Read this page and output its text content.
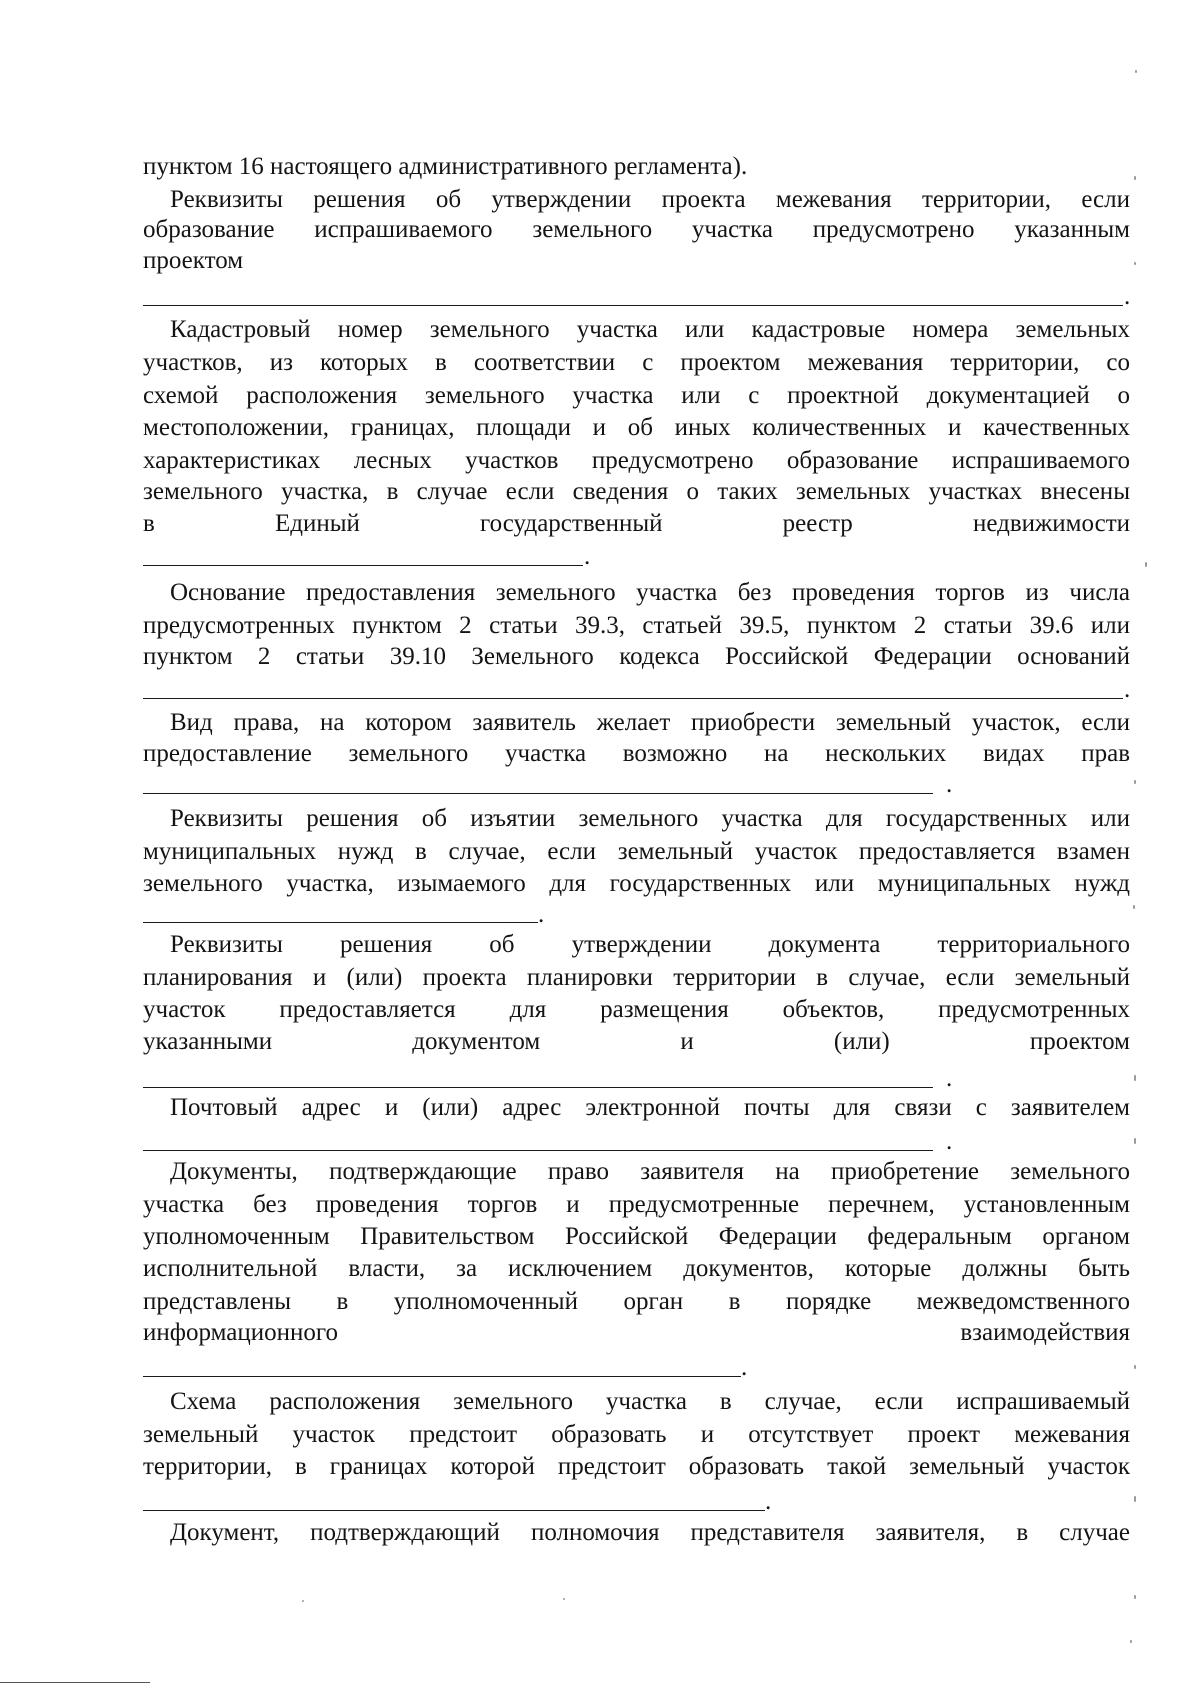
пунктом 16 настоящего административного регламента).
Реквизиты решения об утверждении проекта межевания территории, если
образование испрашиваемого земельного участка предусмотрено указанным
проектом
.
Кадастровый номер земельного участка или кадастровые номера земельных
участков, из которых в соответствии с проектом межевания территории, со
схемой расположения земельного участка или с проектной документацией о
местоположении, границах, площади и об иных количественных и качественных
характеристиках лесных участков предусмотрено образование испрашиваемого
земельного участка, в случае если сведения о таких земельных участках внесены
в	Единый	государственный	реестр	недвижимости
.
Основание предоставления земельного участка без проведения торгов из числа
предусмотренных пунктом 2 статьи 39.3, статьей 39.5, пунктом 2 статьи 39.6 или
пунктом 2 статьи 39.10 Земельного кодекса Российской Федерации оснований
.
Вид права, на котором заявитель желает приобрести земельный участок, если
предоставление земельного участка возможно на нескольких видах прав
.
Реквизиты решения об изъятии земельного участка для государственных или
муниципальных нужд в случае, если земельный участок предоставляется взамен
земельного участка, изымаемого для государственных или муниципальных нужд
.
Реквизиты решения об утверждении документа территориального
планирования и (или) проекта планировки территории в случае, если земельный
участок предоставляется для размещения объектов, предусмотренных
указанными	документом	и	(или)	проектом
.
Почтовый адрес и (или) адрес электронной почты для связи с заявителем
.
Документы, подтверждающие право заявителя на приобретение земельного
участка без проведения торгов и предусмотренные перечнем, установленным
уполномоченным Правительством Российской Федерации федеральным органом
исполнительной власти, за исключением документов, которые должны быть
представлены в уполномоченный орган в порядке межведомственного
информационного	взаимодействия
.
Схема расположения земельного участка в случае, если испрашиваемый
земельный участок предстоит образовать и отсутствует проект межевания
территории, в границах которой предстоит образовать такой земельный участок
.
Документ, подтверждающий полномочия представителя заявителя, в случае
